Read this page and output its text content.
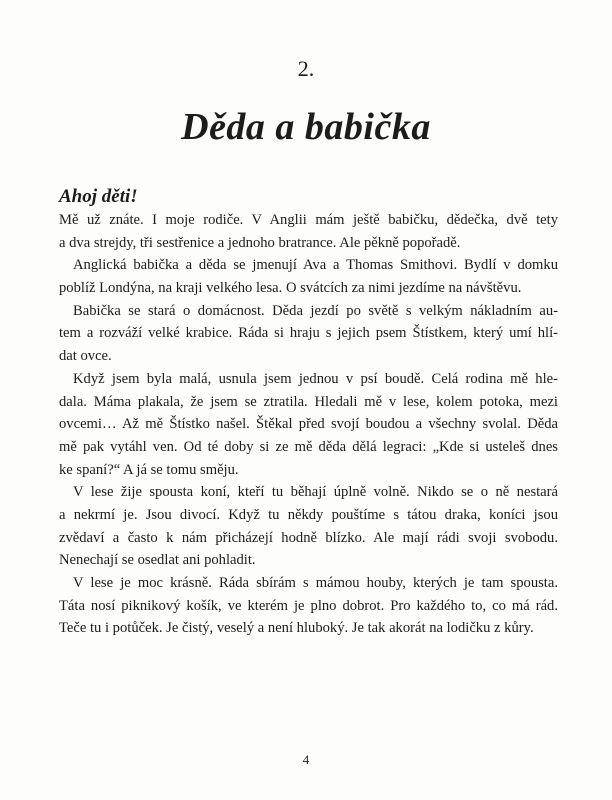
2.
Děda a babička
Ahoj děti!
Mě už znáte. I moje rodiče. V Anglii mám ještě babičku, dědečka, dvě tety
a dva strejdy, tři sestřenice a jednoho bratrance. Ale pěkně popořadě.
Anglická babička a děda se jmenují Ava a Thomas Smithovi. Bydlí v domku
poblíž Londýna, na kraji velkého lesa. O svátcích za nimi jezdíme na návštěvu.
Babička se stará o domácnost. Děda jezdí po světě s velkým nákladním au-
tem a rozváží velké krabice. Ráda si hraju s jejich psem Štístkem, který umí hlí-
dat ovce.
Když jsem byla malá, usnula jsem jednou v psí boudě. Celá rodina mě hle-
dala. Máma plakala, že jsem se ztratila. Hledali mě v lese, kolem potoka, mezi
ovcemi… Až mě Štístko našel. Štěkal před svojí boudou a všechny svolal. Děda
mě pak vytáhl ven. Od té doby si ze mě děda dělá legraci: „Kde si usteleš dnes
ke spaní?“ A já se tomu směju.
V lese žije spousta koní, kteří tu běhají úplně volně. Nikdo se o ně nestará
a nekrmí je. Jsou divocí. Když tu někdy pouštíme s tátou draka, koníci jsou
zvědaví a často k nám přicházejí hodně blízko. Ale mají rádi svoji svobodu.
Nenechají se osedlat ani pohladit.
V lese je moc krásně. Ráda sbírám s mámou houby, kterých je tam spousta.
Táta nosí piknikový košík, ve kterém je plno dobrot. Pro každého to, co má rád.
Teče tu i potůček. Je čistý, veselý a není hluboký. Je tak akorát na lodičku z kůry.
4
